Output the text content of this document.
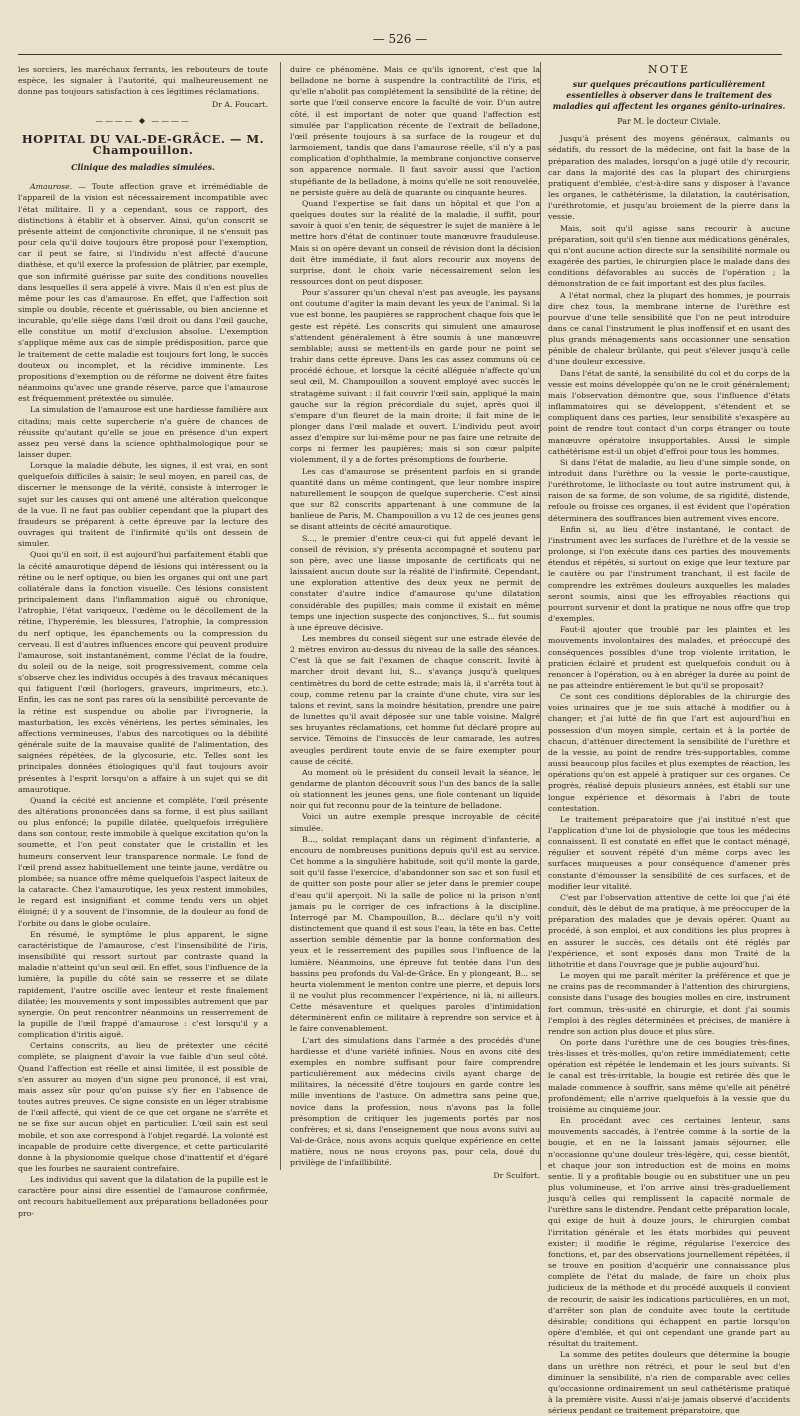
— 526 —

les sorciers, les maréchaux ferrants, les rebouteurs de toute espèce, les signaler à l'autorité, qui malheureusement ne donne pas toujours satisfaction à ces légitimes réclamations.

Dr A. Foucart.
———— ◆ ————
HOPITAL DU VAL-DE-GRÂCE. — M. Champouillon.
Clinique des maladies simulées.

Amaurose. — Toute affection grave et irrémédiable de l'appareil de la vision est nécessairement incompatible avec l'état militaire. Il y a cependant, sous ce rapport, des distinctions à établir et à observer. Ainsi, qu'un conscrit se présente atteint de conjonctivite chronique, il ne s'ensuit pas pour cela qu'il doive toujours être proposé pour l'exemption, car il peut se faire, si l'individu n'est affecté d'aucune diathèse, et qu'il exerce la profession de plâtrier, par exemple, que son infirmité guérisse par suite des conditions nouvelles dans lesquelles il sera appelé à vivre. Mais il n'en est plus de même pour les cas d'amaurose. En effet, que l'affection soit simple ou double, récente et guérissable, ou bien ancienne et incurable, qu'elle siège dans l'œil droit ou dans l'œil gauche, elle constitue un motif d'exclusion absolue. L'exemption s'applique même aux cas de simple prédisposition, parce que le traitement de cette maladie est toujours fort long, le succès douteux ou incomplet, et la récidive imminente. Les propositions d'exemption ou de réforme ne doivent être faites néanmoins qu'avec une grande réserve, parce que l'amaurose est fréquemment prétextée ou simulée.

La simulation de l'amaurose est une hardiesse familière aux citadins; mais cette supercherie n'a guère de chances de réussite qu'autant qu'elle se joue en présence d'un expert assez peu versé dans la science ophthalmologique pour se laisser duper.

Lorsque la maladie débute, les signes, il est vrai, en sont quelquefois difficiles à saisir; le seul moyen, en pareil cas, de discerner le mensonge de la vérité, consiste à interroger le sujet sur les causes qui ont amené une altération quelconque de la vue. Il ne faut pas oublier cependant que la plupart des fraudeurs se préparent à cette épreuve par la lecture des ouvrages qui traitent de l'infirmité qu'ils ont dessein de simuler.

Quoi qu'il en soit, il est aujourd'hui parfaitement établi que la cécité amaurotique dépend de lésions qui intéressent ou la rétine ou le nerf optique, ou bien les organes qui ont une part collatérale dans la fonction visuelle. Ces lésions consistent principalement dans l'inflammation aiguë ou chronique, l'atrophie, l'état variqueux, l'œdème ou le décollement de la rétine, l'hyperémie, les blessures, l'atrophie, la compression du nerf optique, les épanchements ou la compression du cerveau. Il est d'autres influences encore qui peuvent produire l'amaurose, soit instantanément, comme l'éclat de la foudre, du soleil ou de la neige, soit progressivement, comme cela s'observe chez les individus occupés à des travaux mécaniques qui fatiguent l'œil (horlogers, graveurs, imprimeurs, etc.). Enfin, les cas ne sont pas rares où la sensibilité percevante de la rétine est suspendue ou abolie par l'ivrognerie, la masturbation, les excès vénériens, les pertes séminales, les affections vermineuses, l'abus des narcotiques ou la débilité générale suite de la mauvaise qualité de l'alimentation, des saignées répétées, de la glycosurie, etc. Telles sont les principales données étiologiques qu'il faut toujours avoir présentes à l'esprit lorsqu'on a affaire à un sujet qui se dit amaurotique.

Quand la cécité est ancienne et complète, l'œil présente des altérations prononcées dans sa forme, il est plus saillant ou plus enfoncé; la pupille dilatée, quelquefois irrégulière dans son contour, reste immobile à quelque excitation qu'on la soumette, et l'on peut constater que le cristallin et les humeurs conservent leur transparence normale. Le fond de l'œil prend assez habituellement une teinte jaune, verdâtre ou plombée; sa nuance offre même quelquefois l'aspect laiteux de la cataracte. Chez l'amaurotique, les yeux restent immobiles, le regard est insignifiant et comme tendu vers un objet éloigné; il y a souvent de l'insomnie, de la douleur au fond de l'orbite ou dans le globe oculaire.

En résumé, le symptôme le plus apparent, le signe caractéristique de l'amaurose, c'est l'insensibilité de l'iris, insensibilité qui ressort surtout par contraste quand la maladie n'atteint qu'un seul œil. En effet, sous l'influence de la lumière, la pupille du côté sain se resserre et se dilate rapidement, l'autre oscille avec lenteur et reste finalement dilatée; les mouvements y sont impossibles autrement que par synergie. On peut rencontrer néanmoins un resserrement de la pupille de l'œil frappé d'amaurose : c'est lorsqu'il y a complication d'iritis aiguë.

Certains conscrits, au lieu de prétexter une cécité complète, se plaignent d'avoir la vue faible d'un seul côté. Quand l'affection est réelle et ainsi limitée, il est possible de s'en assurer au moyen d'un signe peu prononcé, il est vrai, mais assez sûr pour qu'on puisse s'y fier en l'absence de toutes autres preuves. Ce signe consiste en un léger strabisme de l'œil affecté, qui vient de ce que cet organe ne s'arrête et ne se fixe sur aucun objet en particulier. L'œil sain est seul mobile, et son axe correspond à l'objet regardé. La volonté est incapable de produire cette divergence, et cette particularité donne à la physionomie quelque chose d'inattentif et d'égaré que les fourbes ne sauraient contrefaire.

Les individus qui savent que la dilatation de la pupille est le caractère pour ainsi dire essentiel de l'amaurose confirmée, ont recours habituellement aux préparations belladonées pour pro-

duire ce phénomène. Mais ce qu'ils ignorent, c'est que la belladone ne borne à suspendre la contractilité de l'iris, et qu'elle n'abolit pas complétement la sensibilité de la rétine; de sorte que l'œil conserve encore la faculté de voir. D'un autre côté, il est important de noter que quand l'affection est simulée par l'application récente de l'extrait de belladone, l'œil présente toujours à sa surface de la rougeur et du larmoiement, tandis que dans l'amaurose réelle, s'il n'y a pas complication d'ophthalmie, la membrane conjonctive conserve son apparence normale. Il faut savoir aussi que l'action stupéfiante de la belladone, à moins qu'elle ne soit renouvelée, ne persiste guère au delà de quarante ou cinquante heures.

Quand l'expertise se fait dans un hôpital et que l'on a quelques doutes sur la réalité de la maladie, il suffit, pour savoir à quoi s'en tenir, de séquestrer le sujet de manière à le mettre hors d'état de continuer toute manœuvre frauduleuse. Mais si on opère devant un conseil de révision dont la décision doit être immédiate, il faut alors recourir aux moyens de surprise, dont le choix varie nécessairement selon les ressources dont on peut disposer.

Pour s'assurer qu'un cheval n'est pas aveugle, les paysans ont coutume d'agiter la main devant les yeux de l'animal. Si la vue est bonne, les paupières se rapprochent chaque fois que le geste est répété. Les conscrits qui simulent une amaurose s'attendent généralement à être soumis à une manœuvre semblable; aussi se mettent-ils en garde pour ne point se trahir dans cette épreuve. Dans les cas assez communs où ce procédé échoue, et lorsque la cécité alléguée n'affecte qu'un seul œil, M. Champouillon a souvent employé avec succès le stratagème suivant : il fait couvrir l'œil sain, appliqué la main gauche sur la région précordiale du sujet, après quoi il s'empare d'un fleuret de la main droite; il fait mine de le plonger dans l'œil malade et ouvert. L'individu peut avoir assez d'empire sur lui-même pour ne pas faire une retraite de corps ni fermer les paupières; mais si son cœur palpite violemment, il y a de fortes présomptions de fourberie.

Les cas d'amaurose se présentent parfois en si grande quantité dans un même contingent, que leur nombre inspire naturellement le soupçon de quelque supercherie. C'est ainsi que sur 82 conscrits appartenant à une commune de la banlieue de Paris, M. Champouillon a vu 12 de ces jeunes gens se disant atteints de cécité amaurotique.

S..., le premier d'entre ceux-ci qui fut appelé devant le conseil de révision, s'y présenta accompagné et soutenu par son père, avec une liasse imposante de certificats qui ne laissaient aucun doute sur la réalité de l'infirmité. Cependant, une exploration attentive des deux yeux ne permit de constater d'autre indice d'amaurose qu'une dilatation considérable des pupilles; mais comme il existait en même temps une injection suspecte des conjonctives, S... fut soumis à une épreuve décisive.

Les membres du conseil siègent sur une estrade élevée de 2 mètres environ au-dessus du niveau de la salle des séances. C'est là que se fait l'examen de chaque conscrit. Invité à marcher droit devant lui, S... s'avança jusqu'à quelques centimètres du bord de cette estrade; mais là, il s'arrêta tout à coup, comme retenu par la crainte d'une chute, vira sur les talons et revint, sans la moindre hésitation, prendre une paire de lunettes qu'il avait déposée sur une table voisine. Malgré ses bruyantes réclamations, cet homme fut déclaré propre au service. Témoins de l'insuccès de leur camarade, les autres aveugles perdirent toute envie de se faire exempter pour cause de cécité.

Au moment où le président du conseil levait la séance, le gendarme de planton découvrit sous l'un des bancs de la salle où stationnent les jeunes gens, une fiole contenant un liquide noir qui fut reconnu pour de la teinture de belladone.

Voici un autre exemple presque incroyable de cécité simulée.

B..., soldat remplaçant dans un régiment d'infanterie, a encouru de nombreuses punitions depuis qu'il est au service. Cet homme a la singulière habitude, soit qu'il monte la garde, soit qu'il fasse l'exercice, d'abandonner son sac et son fusil et de quitter son poste pour aller se jeter dans le premier coupe d'eau qu'il aperçoit. Ni la salle de police ni la prison n'ont jamais pu le corriger de ces infractions à la discipline. Interrogé par M. Champouillon, B... déclare qu'il n'y voit distinctement que quand il est sous l'eau, la tête en bas. Cette assertion semble démentie par la bonne conformation des yeux et le resserrement des pupilles sous l'influence de la lumière. Néanmoins, une épreuve fut tentée dans l'un des bassins peu profonds du Val-de-Grâce. En y plongeant, B... se heurta violemment le menton contre une pierre, et depuis lors il ne voulut plus recommencer l'expérience, ni là, ni ailleurs. Cette mésaventure et quelques paroles d'intimidation déterminèrent enfin ce militaire à reprendre son service et à le faire convenablement.

L'art des simulations dans l'armée a des procédés d'une hardiesse et d'une variété infinies. Nous en avons cité des exemples en nombre suffisant pour faire comprendre particulièrement aux médecins civils ayant charge de militaires, la nécessité d'être toujours en garde contre les mille inventions de l'astuce. On admettra sans peine que, novice dans la profession, nous n'avons pas la folle présomption de critiquer les jugements portés par nos confrères; et si, dans l'enseignement que nous avons suivi au Val-de-Grâce, nous avons acquis quelque expérience en cette matière, nous ne nous croyons pas, pour cela, doué du privilège de l'infaillibilité.

Dr Sculfort.
NOTE
sur quelques précautions particulièrement essentielles à observer dans le traitement des maladies qui affectent les organes génito-urinaires.
Par M. le docteur Civiale.

Jusqu'à présent des moyens généraux, calmants ou sédatifs, du ressort de la médecine, ont fait la base de la préparation des malades, lorsqu'on a jugé utile d'y recourir, car dans la majorité des cas la plupart des chirurgiens pratiquent d'emblée, c'est-à-dire sans y disposer à l'avance les organes, le cathétérisme, la dilatation, la cautérisation, l'uréthrotomie, et jusqu'au broiement de la pierre dans la vessie.

Mais, soit qu'il agisse sans recourir à aucune préparation, soit qu'il s'en tienne aux médications générales, qui n'ont aucune action directe sur la sensibilité normale ou exagérée des parties, le chirurgien place le malade dans des conditions défavorables au succès de l'opération ; la démonstration de ce fait important est des plus faciles.

A l'état normal, chez la plupart des hommes, je pourrais dire chez tous, la membrane interne de l'urèthre est pourvue d'une telle sensibilité que l'on ne peut introduire dans ce canal l'instrument le plus inoffensif et en usant des plus grands ménagements sans occasionner une sensation pénible de chaleur brûlante, qui peut s'élever jusqu'à celle d'une douleur excessive.

Dans l'état de santé, la sensibilité du col et du corps de la vessie est moins développée qu'on ne le croit généralement; mais l'observation démontre que, sous l'influence d'états inflammatoires qui se développent, s'étendent et se compliquent dans ces parties, leur sensibilité s'exaspère au point de rendre tout contact d'un corps étranger ou toute manœuvre opératoire insupportables. Aussi le simple cathétérisme est-il un objet d'effroi pour tous les hommes.

Si dans l'état de maladie, au lieu d'une simple sonde, on introduit dans l'urèthre ou la vessie le porte-caustique, l'uréthrotome, le lithoclaste ou tout autre instrument qui, à raison de sa forme, de son volume, de sa rigidité, distende, refoule ou froisse ces organes, il est évident que l'opération déterminera des souffrances bien autrement vives encore.

Enfin si, au lieu d'être instantané, le contact de l'instrument avec les surfaces de l'urèthre et de la vessie se prolonge, si l'on exécute dans ces parties des mouvements étendus et répétés, si surtout on exige que leur texture par le cautère ou par l'instrument tranchant, il est facile de comprendre les extrêmes douleurs auxquelles les malades seront soumis, ainsi que les effroyables réactions qui pourront survenir et dont la pratique ne nous offre que trop d'exemples.

Faut-il ajouter que troublé par les plaintes et les mouvements involontaires des malades, et préoccupé des conséquences possibles d'une trop violente irritation, le praticien éclairé et prudent est quelquefois conduit ou à renoncer à l'opération, ou à en abréger la durée au point de ne pas atteindre entièrement le but qu'il se proposait?

Ce sont ces conditions déplorables de la chirurgie des voies urinaires que je me suis attaché à modifier ou à changer; et j'ai lutté de fin que l'art est aujourd'hui en possession d'un moyen simple, certain et à la portée de chacun, d'atténuer directement la sensibilité de l'urèthre et de la vessie, au point de rendre très-supportables, comme aussi beaucoup plus faciles et plus exemptes de réaction, les opérations qu'on est appelé à pratiquer sur ces organes. Ce progrès, réalisé depuis plusieurs années, est établi sur une longue expérience et désormais à l'abri de toute contestation.

Le traitement préparatoire que j'ai institué n'est que l'application d'une loi de physiologie que tous les médecins connaissent. Il est constaté en effet que le contact ménagé, régulier et souvent répété d'un même corps avec les surfaces muqueuses a pour conséquence d'amener près constante d'émousser la sensibilité de ces surfaces, et de modifier leur vitalité.

C'est par l'observation attentive de cette loi que j'ai été conduit, dès le début de ma pratique, à me préoccuper de la préparation des malades que je devais opérer. Quant au procédé, à son emploi, et aux conditions les plus propres à en assurer le succès, ces détails ont été réglés par l'expérience, et sont exposés dans mon Traité de la lithotritie et dans l'ouvrage que je publie aujourd'hui.

Le moyen qui me paraît mériter la préférence et que je ne crains pas de recommander à l'attention des chirurgiens, consiste dans l'usage des bougies molles en cire, instrument fort commun, très-usité en chirurgie, et dont j'ai soumis l'emploi à des règles déterminées et précises, de manière à rendre son action plus douce et plus sûre.

On porte dans l'urèthre une de ces bougies très-fines, très-lisses et très-molles, qu'on retire immédiatement; cette opération est répétée le lendemain et les jours suivants. Si le canal est très-irritable, la bougie est retirée dès que le malade commence à souffrir, sans même qu'elle ait pénétré profondément; elle n'arrive quelquefois à la vessie que du troisième au cinquième jour.

En procédant avec ces certaines lenteur, sans mouvements saccadés, à l'entrée comme à la sortie de la bougie, et en ne la laissant jamais séjourner, elle n'occasionne qu'une douleur très-légère, qui, cesse bientôt, et chaque jour son introduction est de moins en moins sentie. Il y a profitable bougie ou en substituer une un peu plus volumineuse, et l'on arrive ainsi très-graduellement jusqu'à celles qui remplissent la capacité normale de l'urèthre sans le distendre. Pendant cette préparation locale, qui exige de huit à douze jours, le chirurgien combat l'irritation générale et les états morbides qui peuvent exister; il modifie le régime, régularise l'exercice des fonctions, et, par des observations journellement répétées, il se trouve en position d'acquérir une connaissance plus complète de l'état du malade, de faire un choix plus judicieux de la méthode et du procédé auxquels il convient de recourir, de saisir les indications particulières, en un mot, d'arrêter son plan de conduite avec toute la certitude désirable; conditions qui échappent en partie lorsqu'on opère d'emblée, et qui ont cependant une grande part au résultat du traitement.

La somme des petites douleurs que détermine la bougie dans un urèthre non rétréci, et pour le seul but d'en diminuer la sensibilité, n'a rien de comparable avec celles qu'occasionne ordinairement un seul cathétérisme pratiqué à la première visite. Aussi n'ai-je jamais observé d'accidents sérieux pendant ce traitement préparatoire, que
